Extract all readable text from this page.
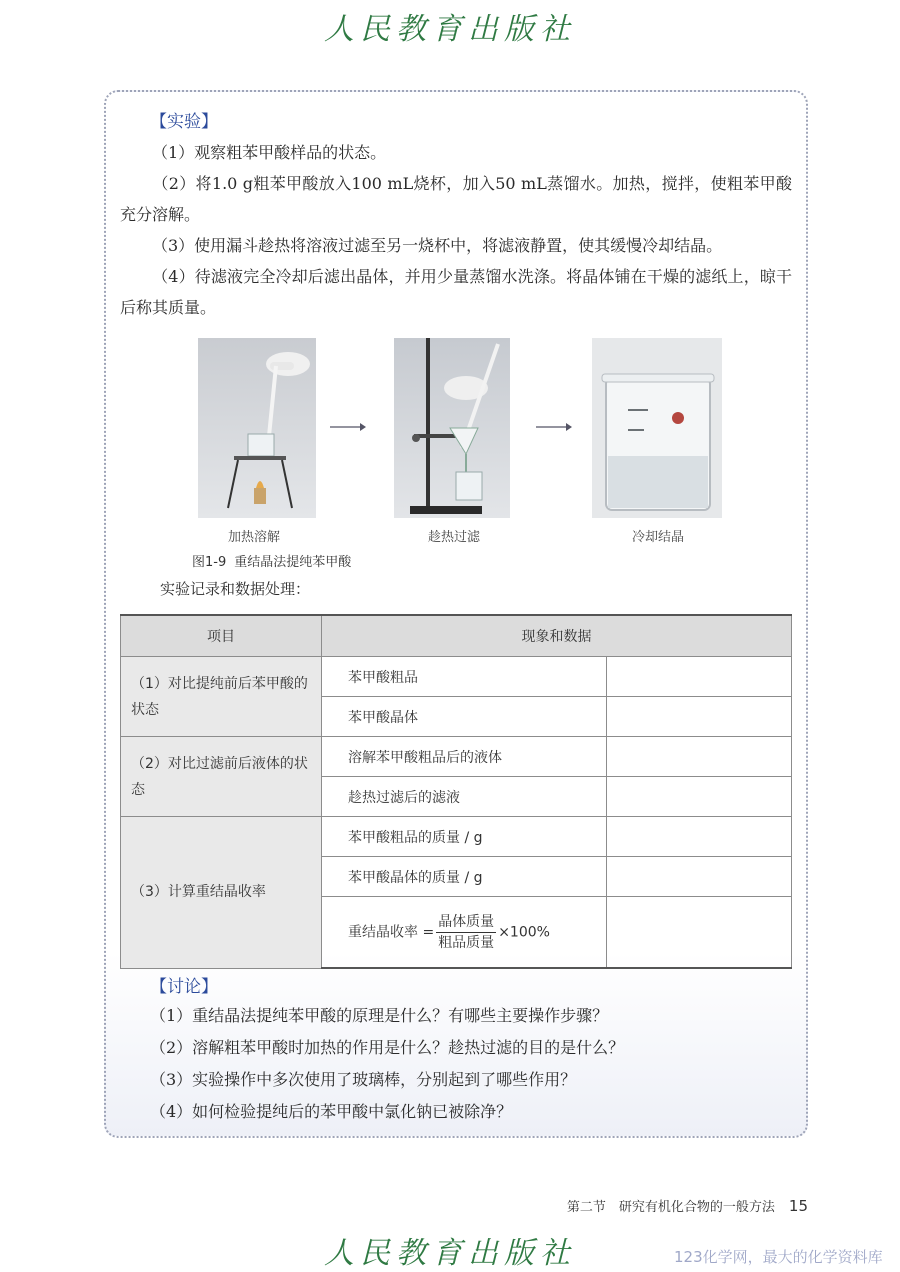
人民教育出版社
【实验】
（1）观察粗苯甲酸样品的状态。
（2）将1.0 g粗苯甲酸放入100 mL烧杯，加入50 mL蒸馏水。加热，搅拌，使粗苯甲酸充分溶解。
（3）使用漏斗趁热将溶液过滤至另一烧杯中，将滤液静置，使其缓慢冷却结晶。
（4）待滤液完全冷却后滤出晶体，并用少量蒸馏水洗涤。将晶体铺在干燥的滤纸上，晾干后称其质量。
加热溶解	趁热过滤	冷却结晶
图1-9 重结晶法提纯苯甲酸
实验记录和数据处理：
项目	现象和数据	
（1）对比提纯前后苯甲酸的状态	苯甲酸粗品	
	苯甲酸晶体	
（2）对比过滤前后液体的状态	溶解苯甲酸粗品后的液体	
	趁热过滤后的滤液	
（3）计算重结晶收率	苯甲酸粗品的质量 / g	
	苯甲酸晶体的质量 / g	
	重结晶收率 = $\frac{\text{晶体质量}}{\text{粗品质量}} \times 100\%$	
【讨论】
（1）重结晶法提纯苯甲酸的原理是什么？有哪些主要操作步骤？
（2）溶解粗苯甲酸时加热的作用是什么？趁热过滤的目的是什么？
（3）实验操作中多次使用了玻璃棒，分别起到了哪些作用？
（4）如何检验提纯后的苯甲酸中氯化钠已被除净？
第二节　研究有机化合物的一般方法 15
人民教育出版社	123化学网，最大的化学资料库
